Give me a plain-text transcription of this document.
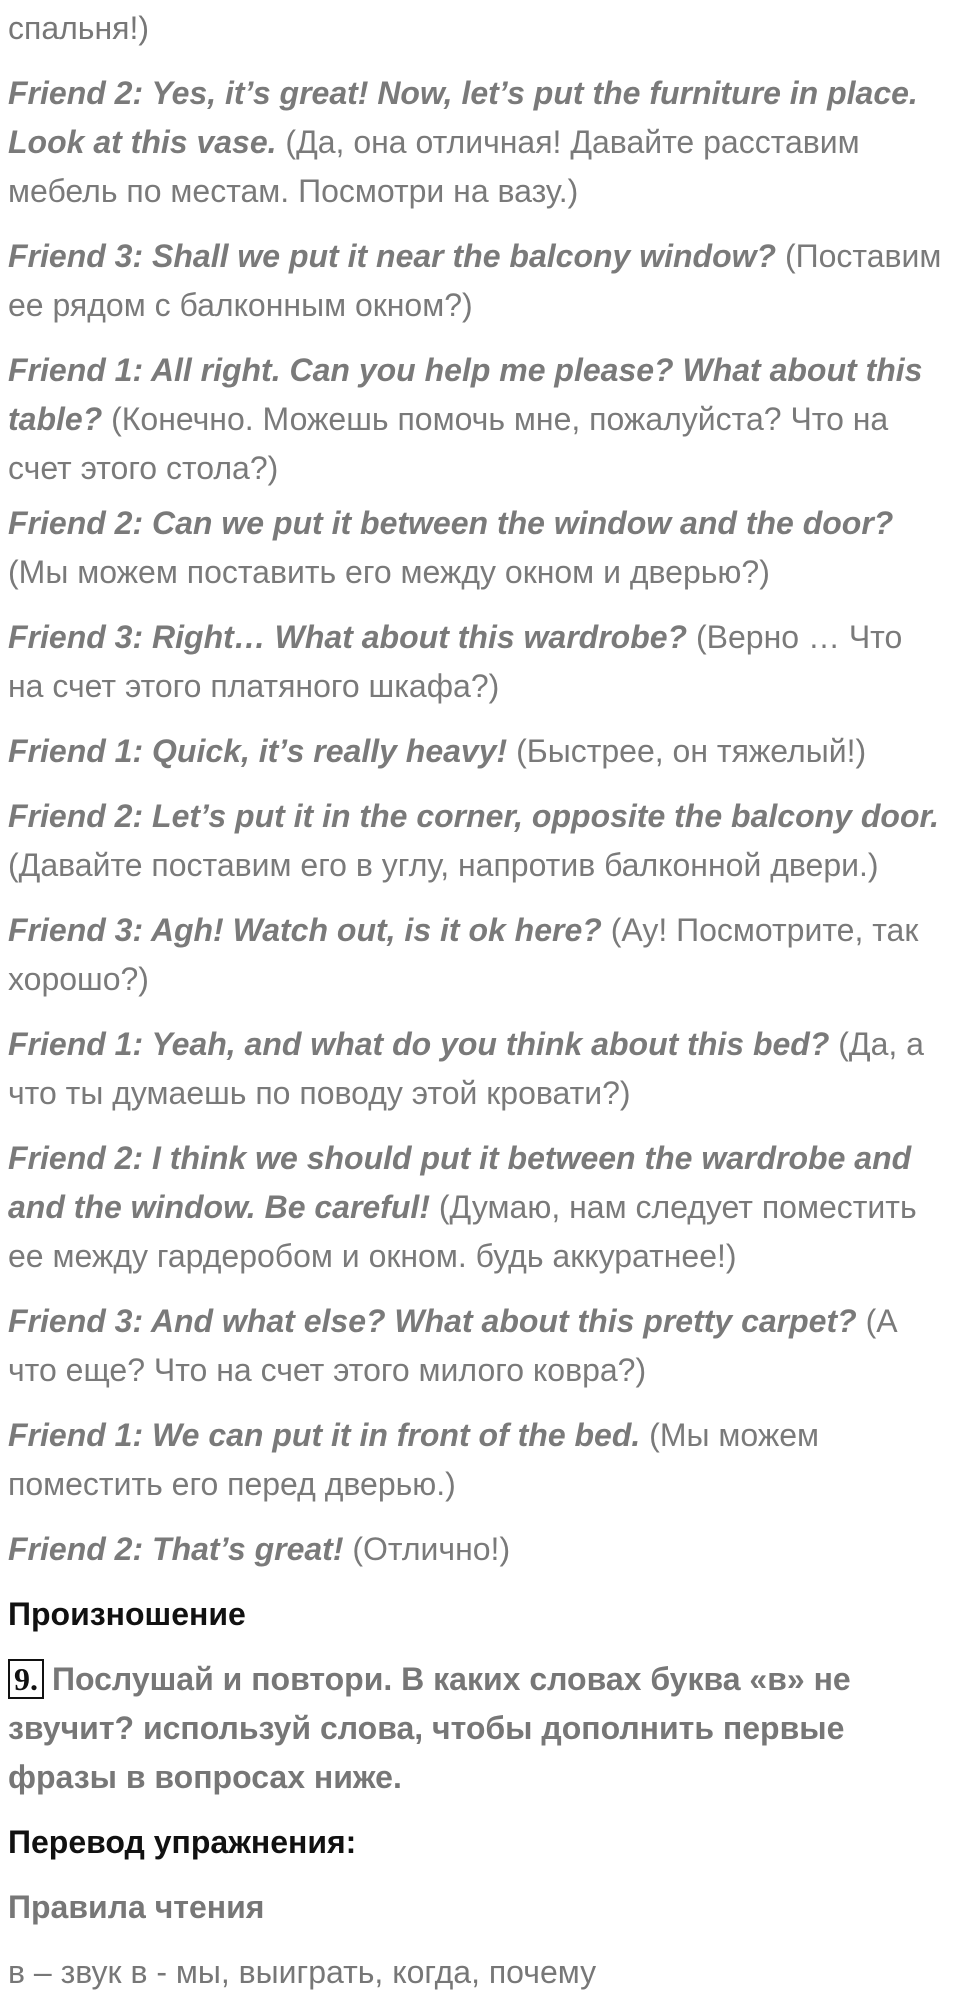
спальня!)
Friend 2: Yes, it’s great! Now, let’s put the furniture in place. Look at this vase. (Да, она отличная! Давайте расставим мебель по местам. Посмотри на вазу.)
Friend 3: Shall we put it near the balcony window? (Поставим ее рядом с балконным окном?)
Friend 1: All right. Can you help me please? What about this table? (Конечно. Можешь помочь мне, пожалуйста? Что на счет этого стола?)
Friend 2: Can we put it between the window and the door? (Мы можем поставить его между окном и дверью?)
Friend 3: Right… What about this wardrobe? (Верно … Что на счет этого платяного шкафа?)
Friend 1: Quick, it’s really heavy! (Быстрее, он тяжелый!)
Friend 2: Let’s put it in the corner, opposite the balcony door. (Давайте поставим его в углу, напротив балконной двери.)
Friend 3: Agh! Watch out, is it ok here? (Ау! Посмотрите, так хорошо?)
Friend 1: Yeah, and what do you think about this bed? (Да, а что ты думаешь по поводу этой кровати?)
Friend 2: I think we should put it between the wardrobe and and the window. Be careful! (Думаю, нам следует поместить ее между гардеробом и окном. будь аккуратнее!)
Friend 3: And what else? What about this pretty carpet? (А что еще? Что на счет этого милого ковра?)
Friend 1: We can put it in front of the bed. (Мы можем поместить его перед дверью.)
Friend 2: That’s great! (Отлично!)
Произношение
9. Послушай и повтори. В каких словах буква «в» не звучит? используй слова, чтобы дополнить первые фразы в вопросах ниже.
Перевод упражнения:
Правила чтения
в – звук в - мы, выиграть, когда, почему
